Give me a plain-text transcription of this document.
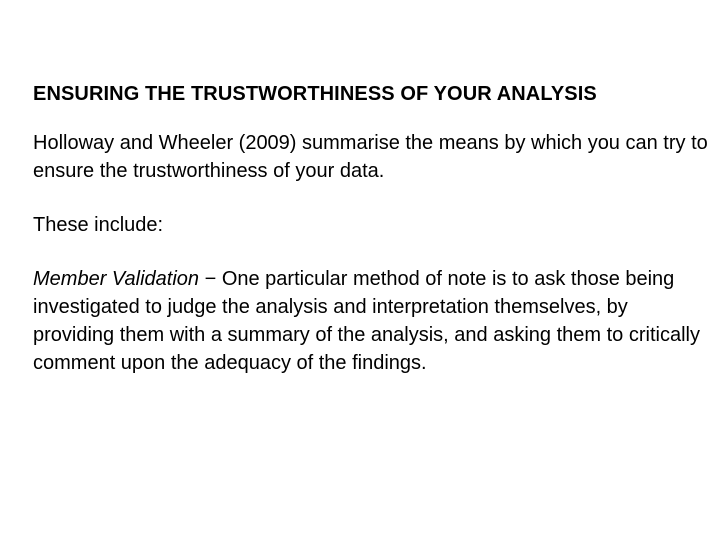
ENSURING THE TRUSTWORTHINESS OF YOUR ANALYSIS

Holloway and Wheeler (2009) summarise the means by which you can try to ensure the trustworthiness of your data.

These include:

Member Validation − One particular method of note is to ask those being investigated to judge the analysis and interpretation themselves, by providing them with a summary of the analysis, and asking them to critically comment upon the adequacy of the findings.
